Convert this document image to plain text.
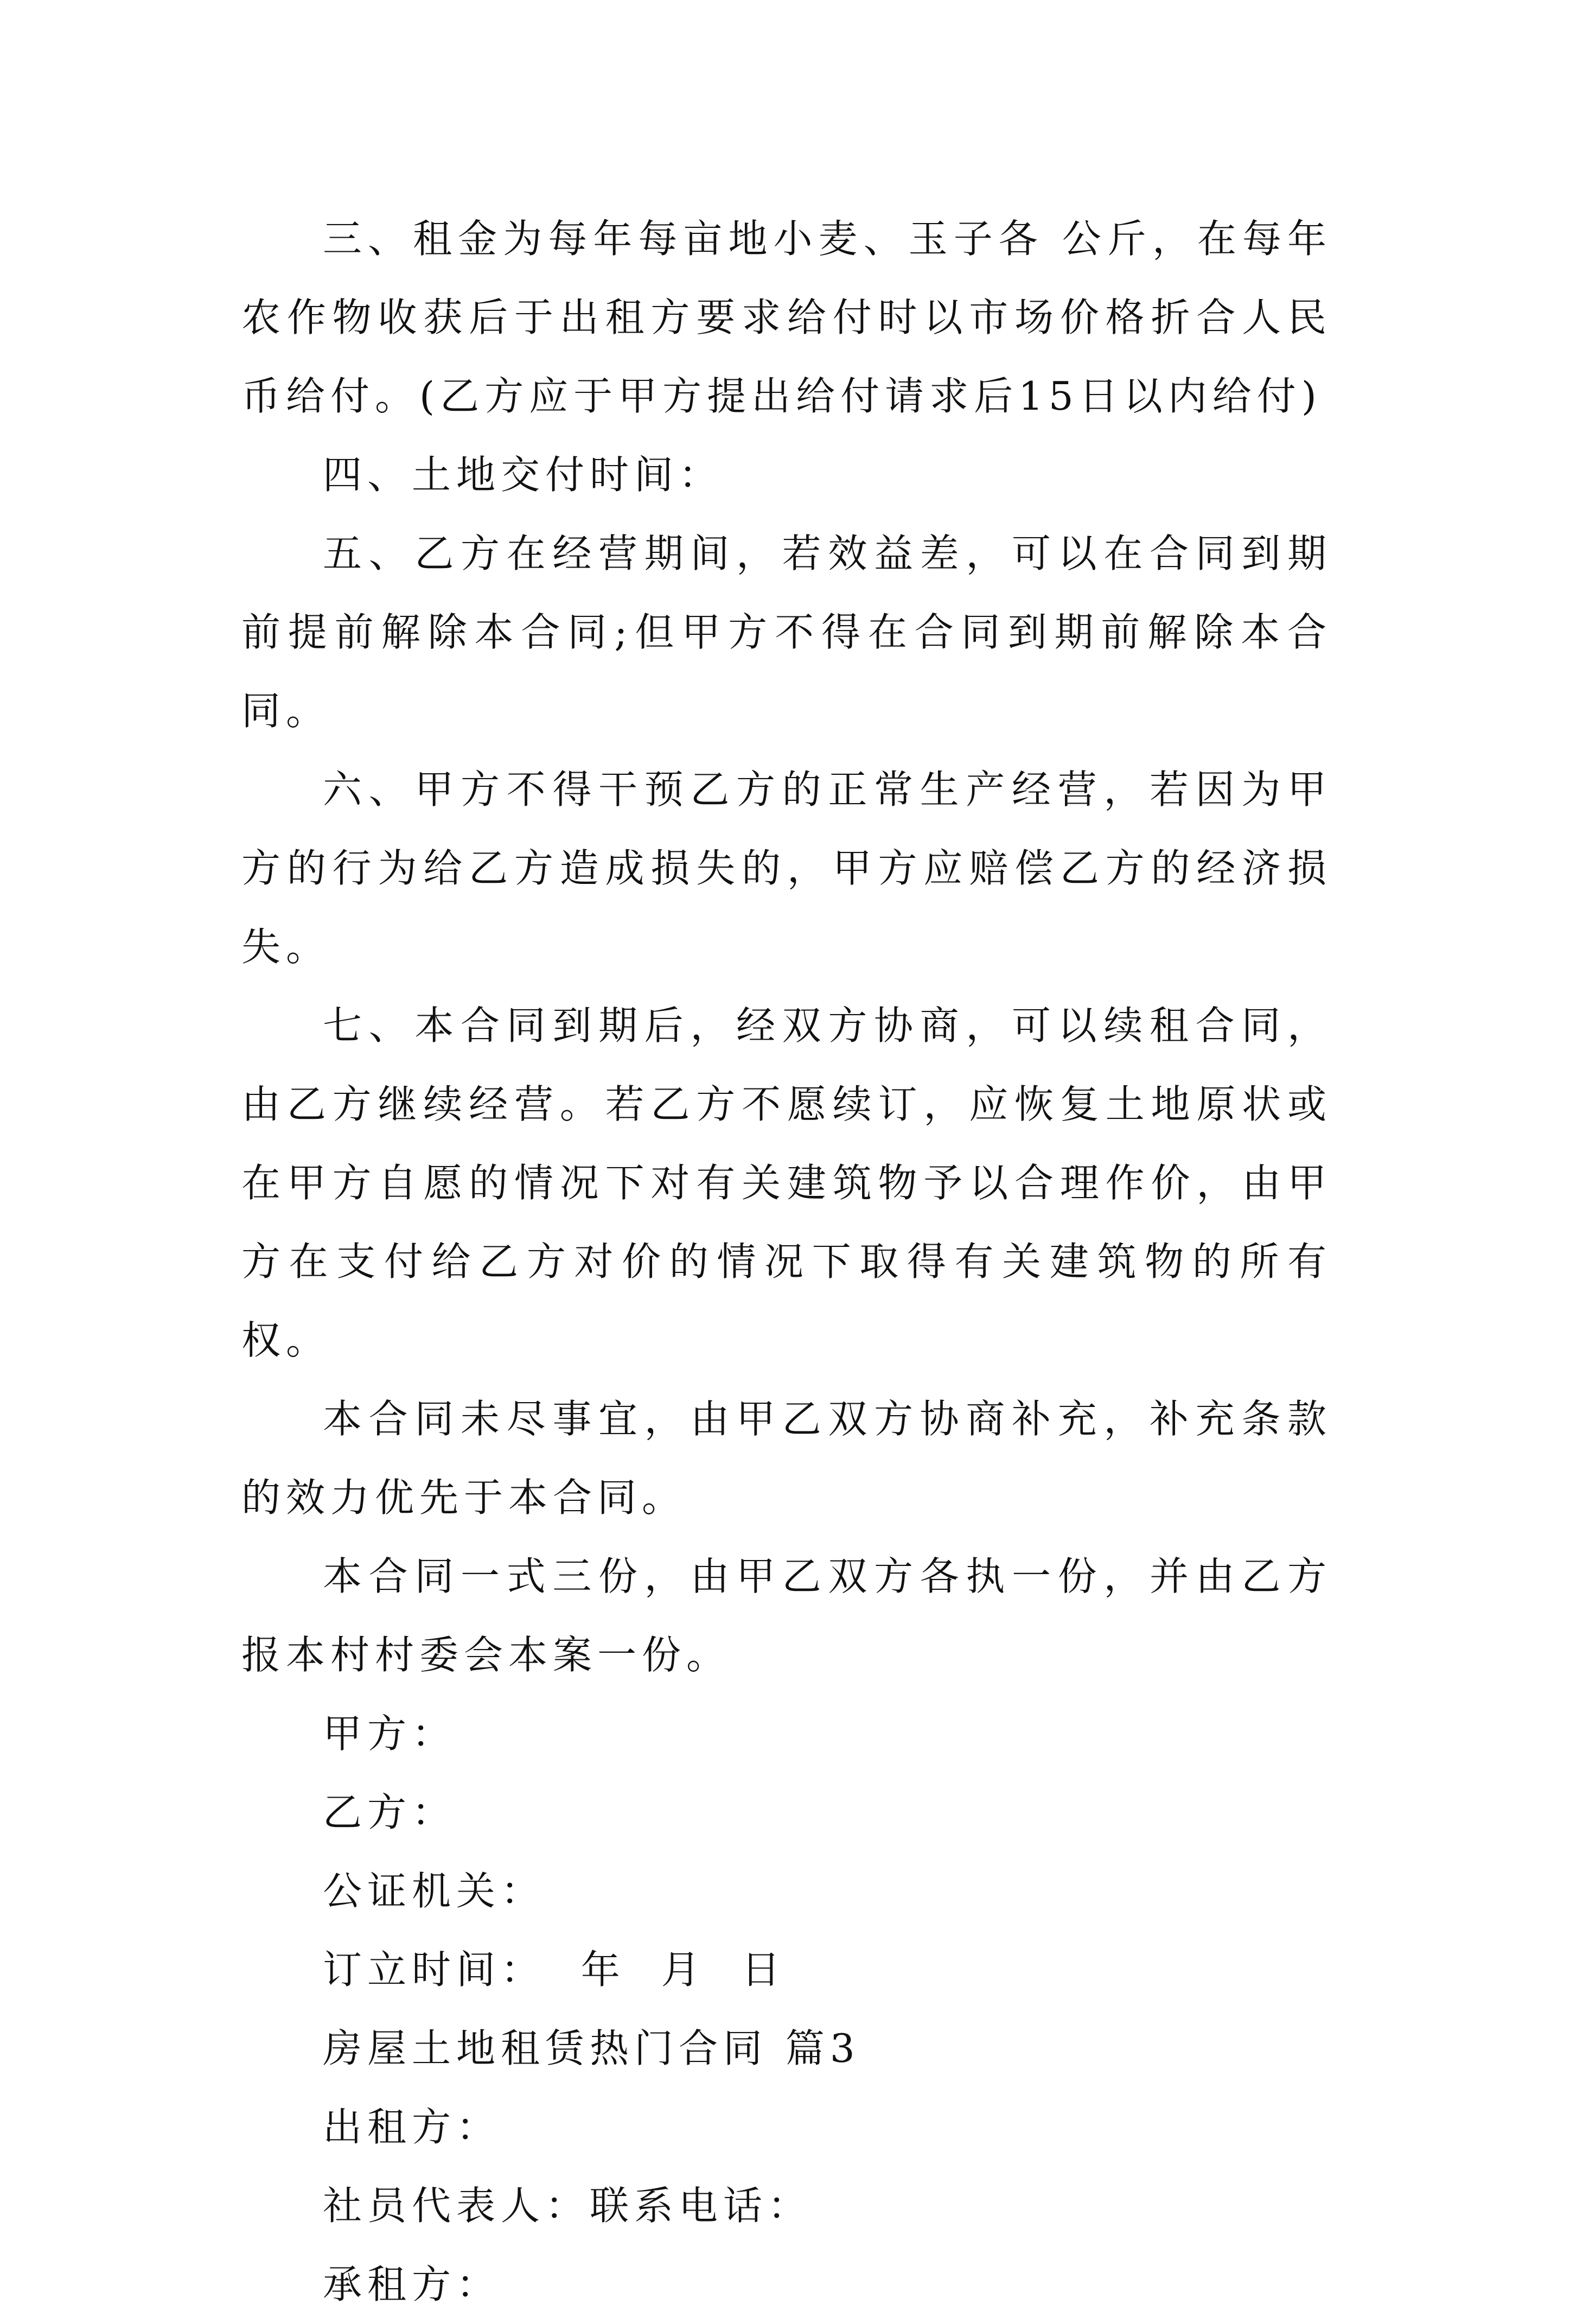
三、租金为每年每亩地小麦、玉子各 公斤，在每年农作物收获后于出租方要求给付时以市场价格折合人民币给付。(乙方应于甲方提出给付请求后15日以内给付)

四、土地交付时间：

五、乙方在经营期间，若效益差，可以在合同到期前提前解除本合同;但甲方不得在合同到期前解除本合同。

六、甲方不得干预乙方的正常生产经营，若因为甲方的行为给乙方造成损失的，甲方应赔偿乙方的经济损失。

七、本合同到期后，经双方协商，可以续租合同，由乙方继续经营。若乙方不愿续订，应恢复土地原状或在甲方自愿的情况下对有关建筑物予以合理作价，由甲方在支付给乙方对价的情况下取得有关建筑物的所有权。

本合同未尽事宜，由甲乙双方协商补充，补充条款的效力优先于本合同。

本合同一式三份，由甲乙双方各执一份，并由乙方报本村村委会本案一份。

甲方：

乙方：

公证机关：

订立时间：  年  月  日

房屋土地租赁热门合同 篇3

出租方：

社员代表人：联系电话：

承租方：
